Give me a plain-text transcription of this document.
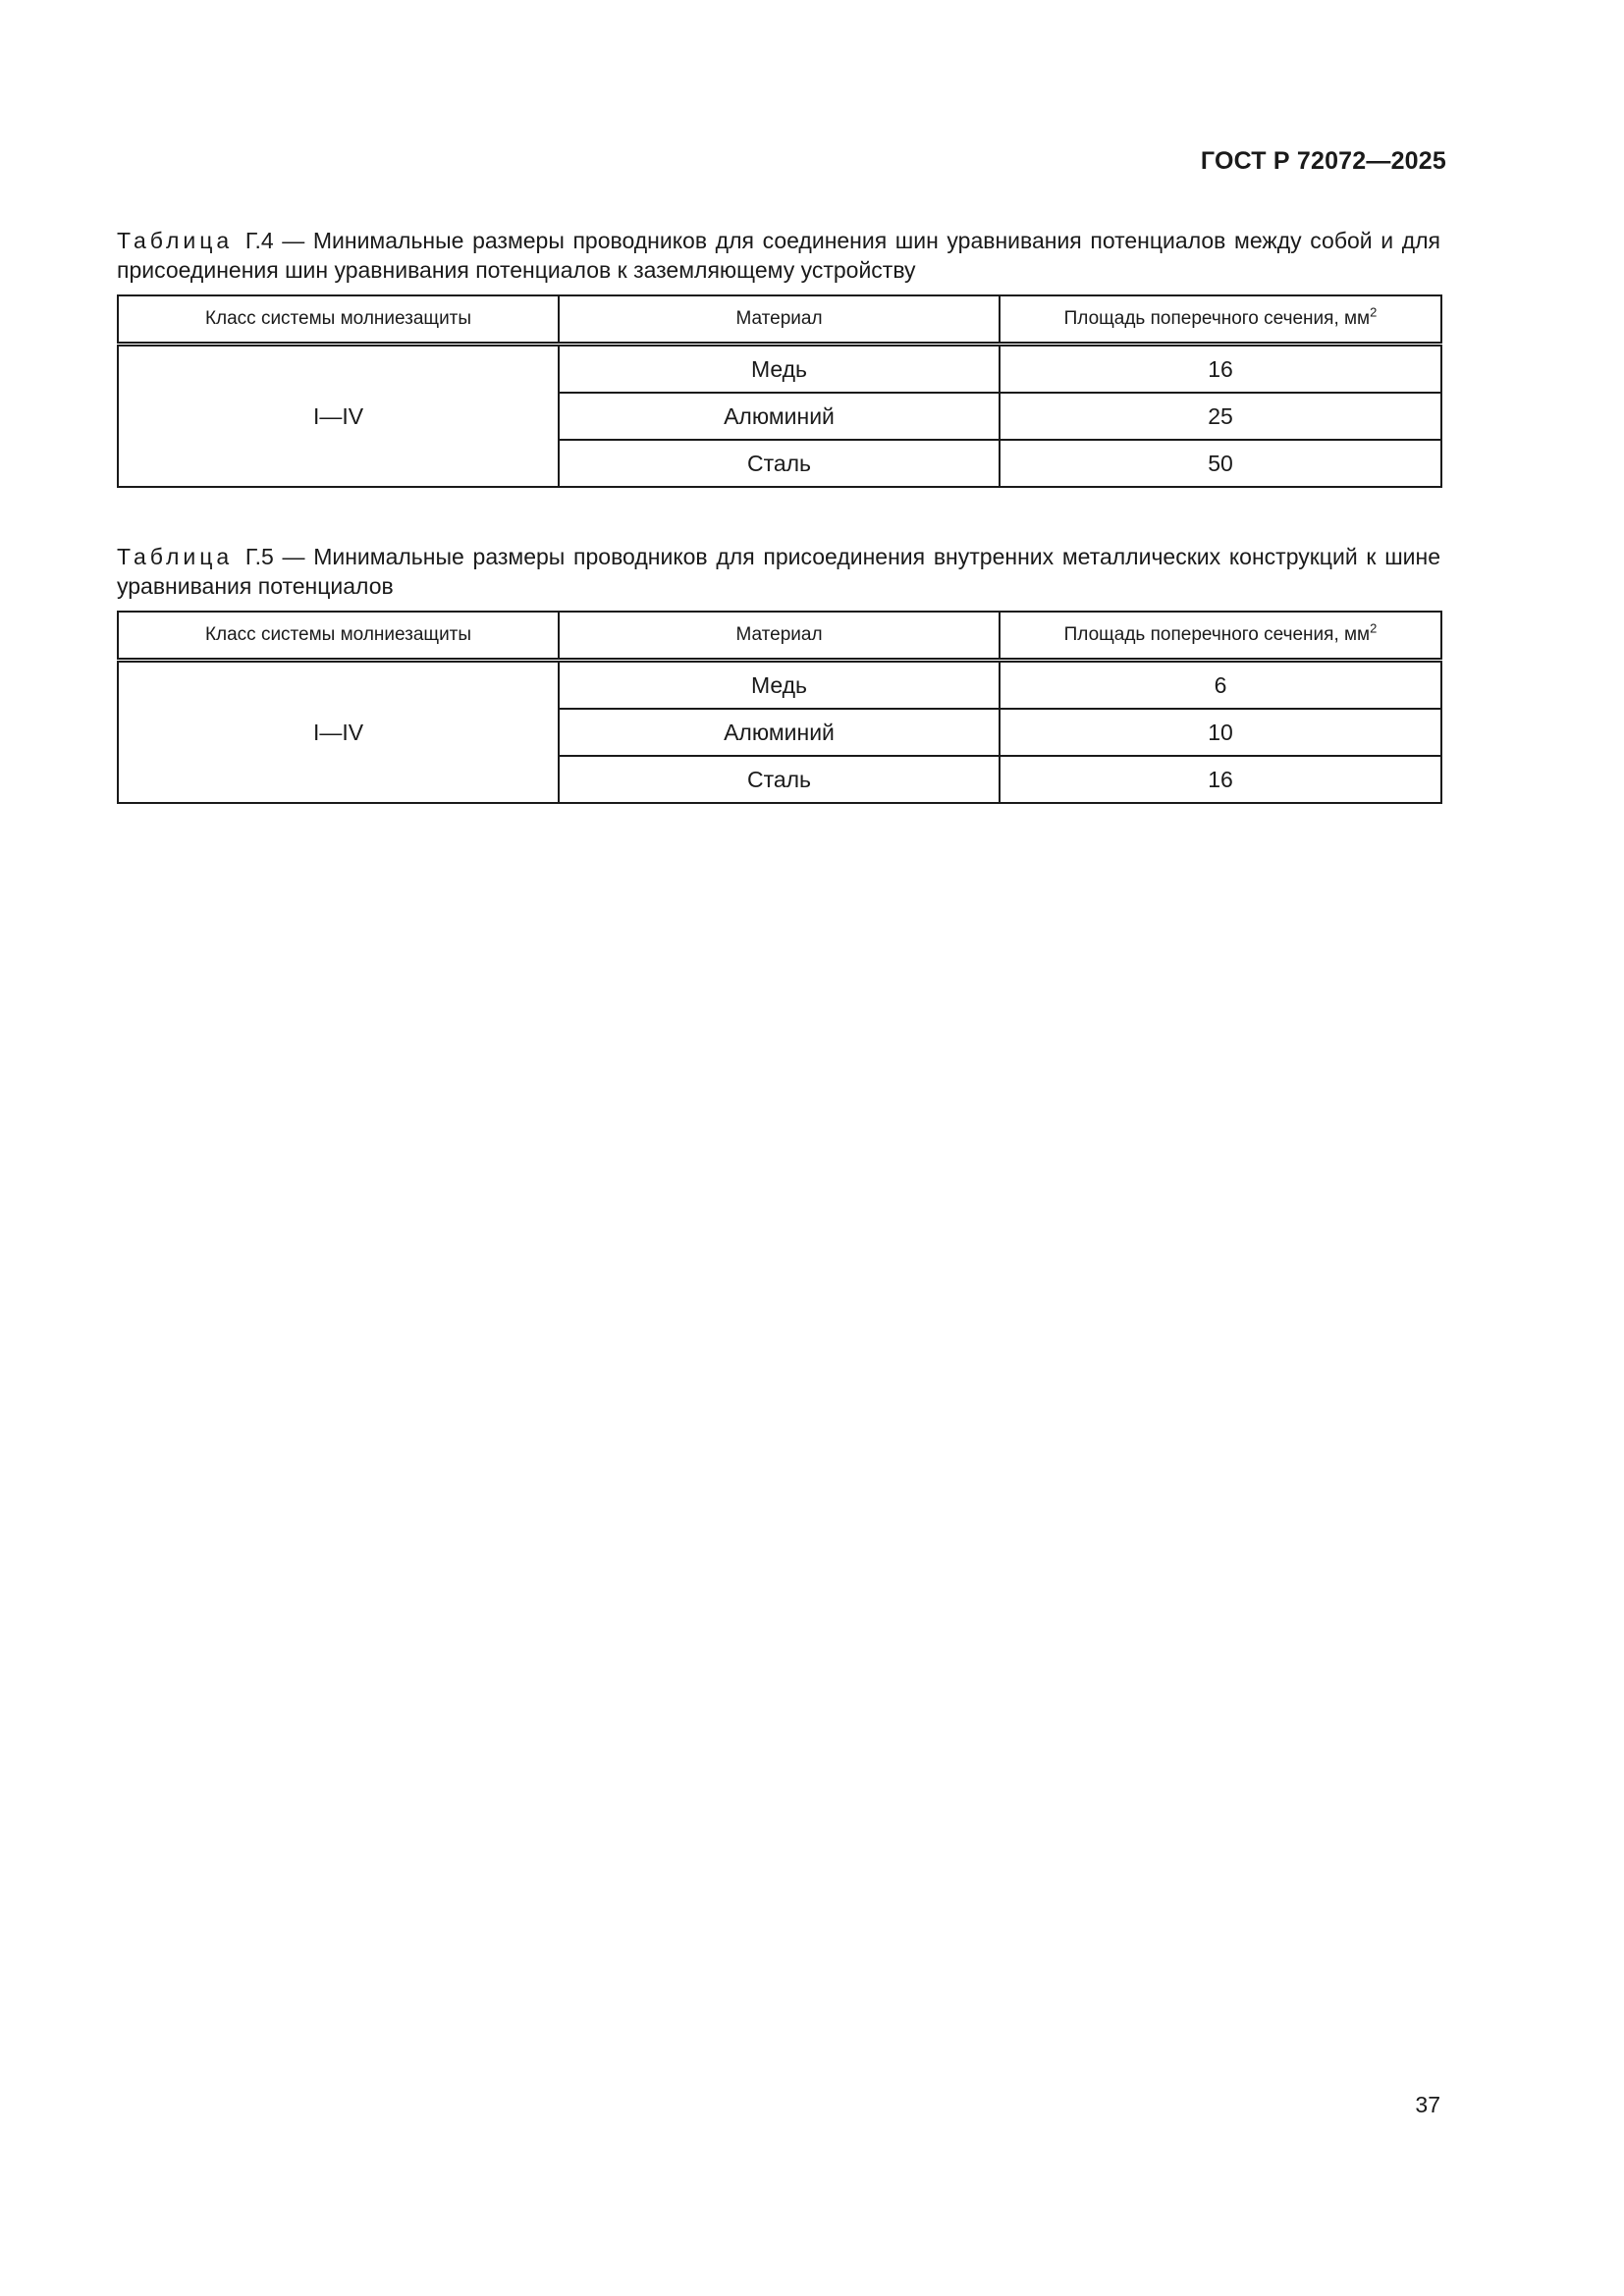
ГОСТ Р 72072—2025

Таблица Г.4 — Минимальные размеры проводников для соединения шин уравнивания потенциалов между собой и для присоединения шин уравнивания потенциалов к заземляющему устройству

Класс системы молниезащиты	Материал	Площадь поперечного сечения, $мм^2$
I—IV	Медь	16
	Алюминий	25
	Сталь	50

Таблица Г.5 — Минимальные размеры проводников для присоединения внутренних металлических конструкций к шине уравнивания потенциалов

Класс системы молниезащиты	Материал	Площадь поперечного сечения, $мм^2$
I—IV	Медь	6
	Алюминий	10
	Сталь	16
37
